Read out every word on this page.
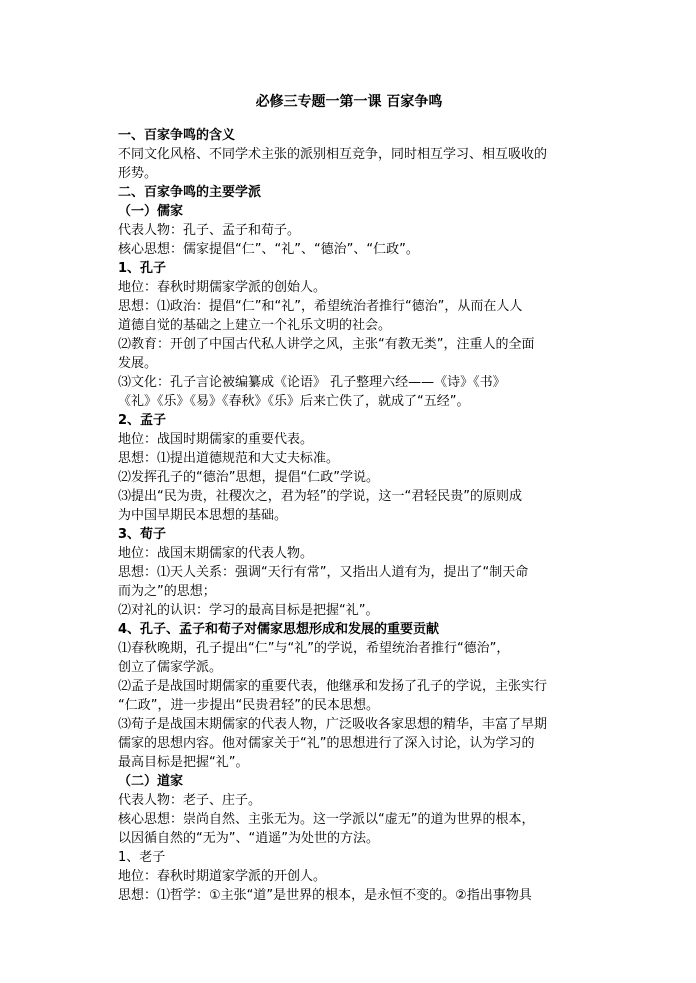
必修三专题一第一课 百家争鸣
一、百家争鸣的含义
不同文化风格、不同学术主张的派别相互竞争，同时相互学习、相互吸收的
形势。
二、百家争鸣的主要学派
（一）儒家
代表人物：孔子、孟子和荀子。
核心思想：儒家提倡“仁”、“礼”、“德治”、“仁政”。
1、孔子
地位：春秋时期儒家学派的创始人。
思想：⑴政治：提倡“仁”和“礼”，希望统治者推行“德治”，从而在人人
道德自觉的基础之上建立一个礼乐文明的社会。
⑵教育：开创了中国古代私人讲学之风，主张“有教无类”，注重人的全面
发展。
⑶文化：孔子言论被编纂成《论语》 孔子整理六经——《诗》《书》
《礼》《乐》《易》《春秋》《乐》后来亡佚了，就成了“五经”。
2、孟子
地位：战国时期儒家的重要代表。
思想：⑴提出道德规范和大丈夫标准。
⑵发挥孔子的“德治”思想，提倡“仁政”学说。
⑶提出“民为贵，社稷次之，君为轻”的学说，这一“君轻民贵”的原则成
为中国早期民本思想的基础。
3、荀子
地位：战国末期儒家的代表人物。
思想：⑴天人关系：强调“天行有常”，又指出人道有为，提出了“制天命
而为之”的思想；
⑵对礼的认识：学习的最高目标是把握“礼”。
4、孔子、孟子和荀子对儒家思想形成和发展的重要贡献
⑴春秋晚期，孔子提出“仁”与“礼”的学说，希望统治者推行“德治”，
创立了儒家学派。
⑵孟子是战国时期儒家的重要代表，他继承和发扬了孔子的学说，主张实行
“仁政”，进一步提出“民贵君轻”的民本思想。
⑶荀子是战国末期儒家的代表人物，广泛吸收各家思想的精华，丰富了早期
儒家的思想内容。他对儒家关于“礼”的思想进行了深入讨论，认为学习的
最高目标是把握“礼”。
（二）道家
代表人物：老子、庄子。
核心思想：崇尚自然、主张无为。这一学派以“虚无”的道为世界的根本，
以因循自然的“无为”、“逍遥”为处世的方法。
1、老子
地位：春秋时期道家学派的开创人。
思想：⑴哲学：①主张“道”是世界的根本，是永恒不变的。②指出事物具
